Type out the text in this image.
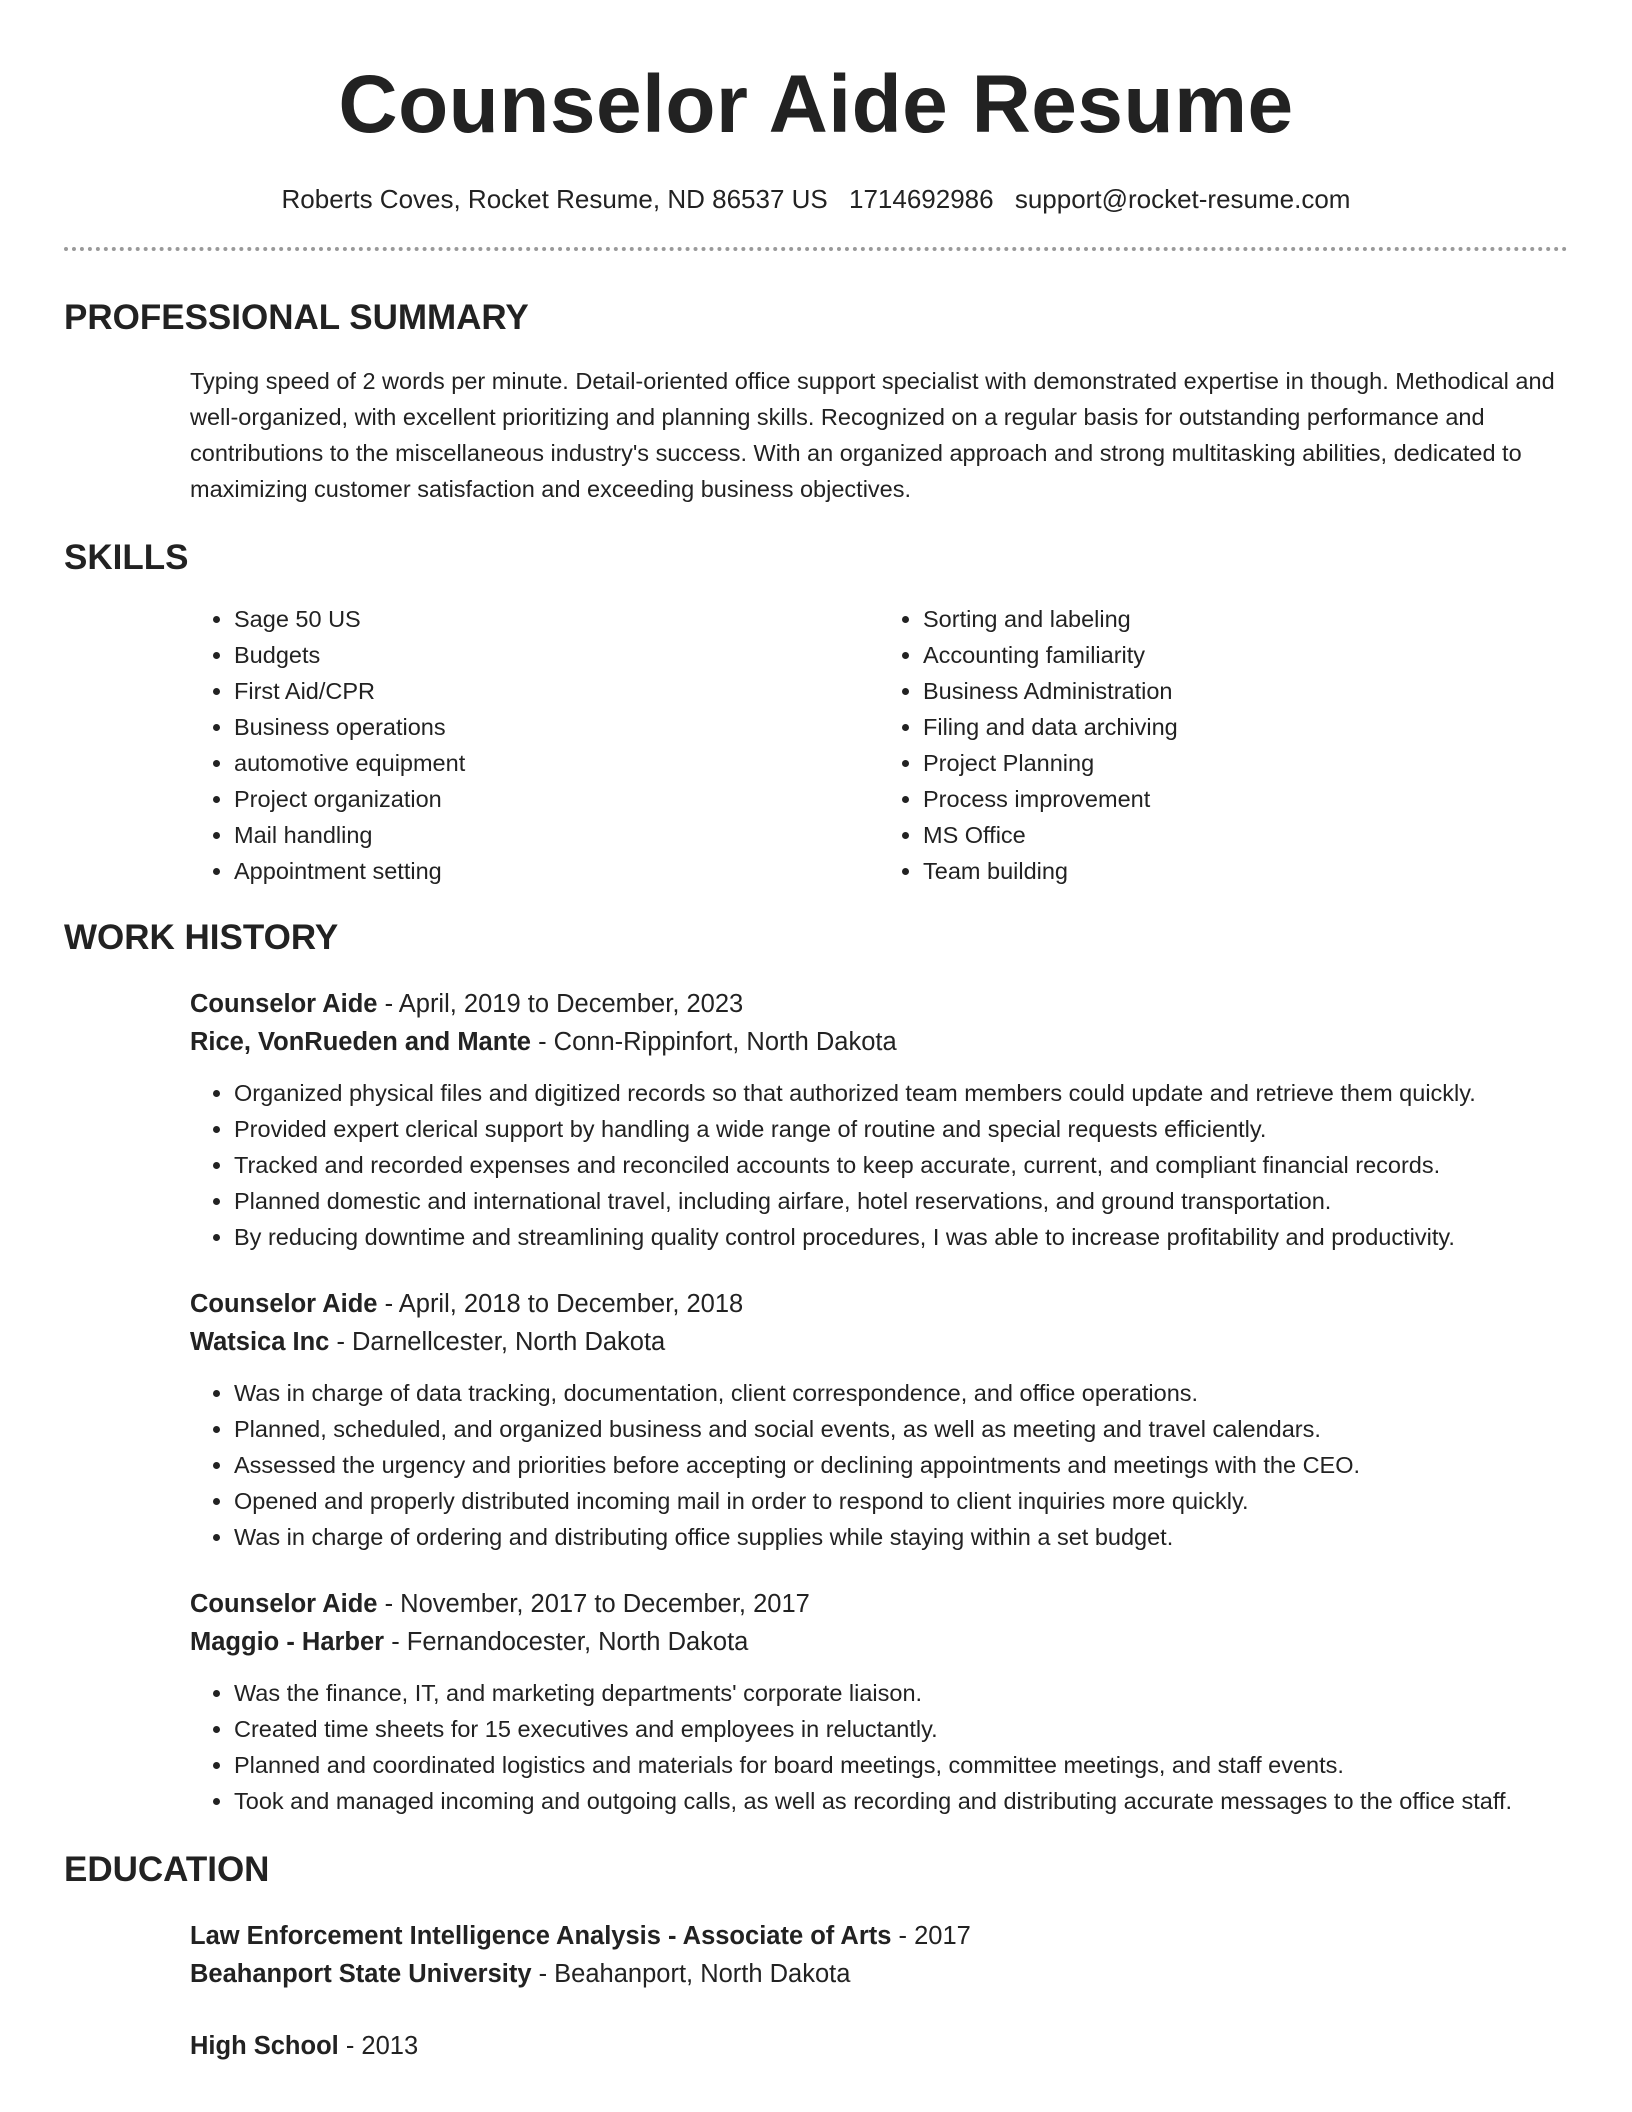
Counselor Aide Resume
Roberts Coves, Rocket Resume, ND 86537 US 1714692986 support@rocket-resume.com
PROFESSIONAL SUMMARY

Typing speed of 2 words per minute. Detail-oriented office support specialist with demonstrated expertise in though. Methodical and well-organized, with excellent prioritizing and planning skills. Recognized on a regular basis for outstanding performance and contributions to the miscellaneous industry's success. With an organized approach and strong multitasking abilities, dedicated to maximizing customer satisfaction and exceeding business objectives.

SKILLS
• Sage 50 US
• Budgets
• First Aid/CPR
• Business operations
• automotive equipment
• Project organization
• Mail handling
• Appointment setting
• Sorting and labeling
• Accounting familiarity
• Business Administration
• Filing and data archiving
• Project Planning
• Process improvement
• MS Office
• Team building
WORK HISTORY

Counselor Aide - April, 2019 to December, 2023

Rice, VonRueden and Mante - Conn-Rippinfort, North Dakota

• Organized physical files and digitized records so that authorized team members could update and retrieve them quickly.
• Provided expert clerical support by handling a wide range of routine and special requests efficiently.
• Tracked and recorded expenses and reconciled accounts to keep accurate, current, and compliant financial records.
• Planned domestic and international travel, including airfare, hotel reservations, and ground transportation.
• By reducing downtime and streamlining quality control procedures, I was able to increase profitability and productivity.

Counselor Aide - April, 2018 to December, 2018

Watsica Inc - Darnellcester, North Dakota

• Was in charge of data tracking, documentation, client correspondence, and office operations.
• Planned, scheduled, and organized business and social events, as well as meeting and travel calendars.
• Assessed the urgency and priorities before accepting or declining appointments and meetings with the CEO.
• Opened and properly distributed incoming mail in order to respond to client inquiries more quickly.
• Was in charge of ordering and distributing office supplies while staying within a set budget.

Counselor Aide - November, 2017 to December, 2017

Maggio - Harber - Fernandocester, North Dakota

• Was the finance, IT, and marketing departments' corporate liaison.
• Created time sheets for 15 executives and employees in reluctantly.
• Planned and coordinated logistics and materials for board meetings, committee meetings, and staff events.
• Took and managed incoming and outgoing calls, as well as recording and distributing accurate messages to the office staff.
EDUCATION

Law Enforcement Intelligence Analysis - Associate of Arts - 2017

Beahanport State University - Beahanport, North Dakota

High School - 2013
